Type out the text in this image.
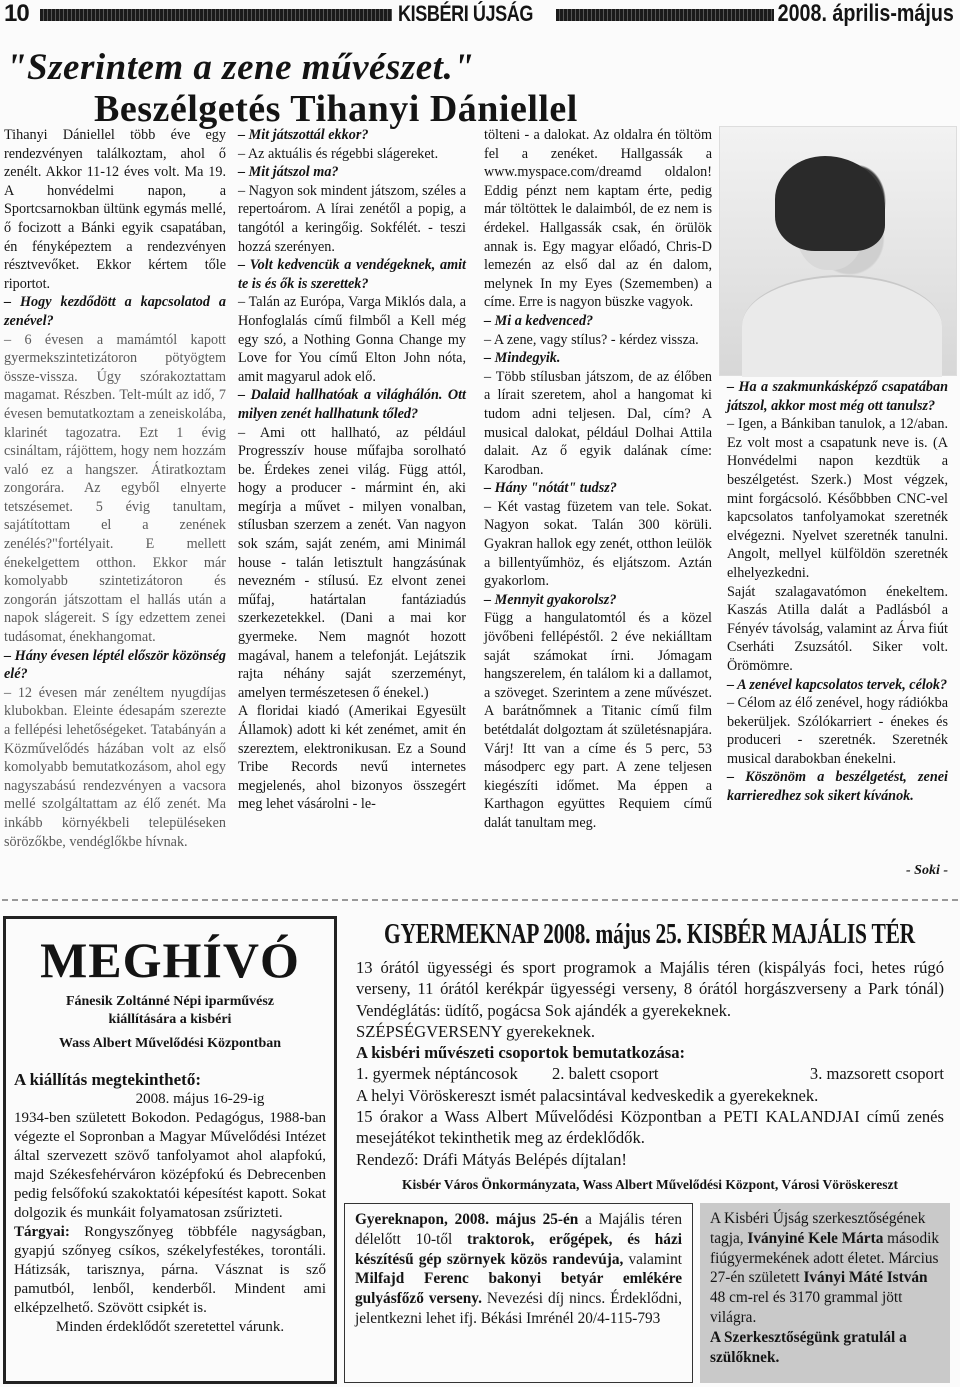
10	KISBÉRI ÚJSÁG	2008. április-május
"Szerintem a zene művészet."
Beszélgetés Tihanyi Dániellel

Tihanyi Dániellel több éve egy rendezvényen találkoztam, ahol ő zenélt. Akkor 11-12 éves volt. Ma 19. A honvédelmi napon, a Sportcsarnokban ültünk egymás mellé, ő focizott a Bánki egyik csapatában, én fényképeztem a rendezvényen résztvevőket. Ekkor kértem tőle riportot.

– Hogy kezdődött a kapcsolatod a zenével?

– 6 évesen a mamámtól kapott gyermekszintetizátoron pötyögtem össze-vissza. Úgy szórakoztattam magamat. Részben. Telt-múlt az idő, 7 évesen bemutatkoztam a zeneiskolába, klarinét tagozatra. Ezt 1 évig csináltam, rájöttem, hogy nem hozzám való ez a hangszer. Átiratkoztam zongorára. Az egyből elnyerte tetszésemet. 5 évig tanultam, sajátítottam el a zenének zenélés?"fortélyait. E mellett énekelgettem otthon. Ekkor már komolyabb szintetizátoron és zongorán játszottam el hallás után a napok slágereit. S így edzettem zenei tudásomat, énekhangomat.

– Hány évesen léptél először közönség elé?

– 12 évesen már zenéltem nyugdíjas klubokban. Eleinte édesapám szerezte a fellépési lehetőségeket. Tatabányán a Közművelődés házában volt az első komolyabb bemutatkozásom, ahol egy nagyszabású rendezvényen a vacsora mellé szolgáltattam az élő zenét. Ma inkább környékbeli településeken sörözőkbe, vendéglőkbe hívnak.

– Mit játszottál ekkor?

– Az aktuális és régebbi slágereket.

– Mit játszol ma?

– Nagyon sok mindent játszom, széles a repertoárom. A lírai zenétől a popig, a tangótól a keringőig. Sokfélét. - teszi hozzá szerényen.

– Volt kedvencük a vendégeknek, amit te is és ők is szerettek?

– Talán az Európa, Varga Miklós dala, a Honfoglalás című filmből a Kell még egy szó, a Nothing Gonna Change my Love for You című Elton John nóta, amit magyarul adok elő.

– Dalaid hallhatóak a világhálón. Ott milyen zenét hallhatunk tőled?

– Ami ott hallható, az például Progresszív house műfajba sorolható be. Érdekes zenei világ. Függ attól, hogy a producer - mármint én, aki megírja a művet - milyen vonalban, stílusban szerzem a zenét. Van nagyon sok szám, saját zeném, ami Minimál house - talán letisztult hangzásúnak nevezném - stílusú. Ez elvont zenei műfaj, határtalan fantáziadús szerkezetekkel. (Dani a mai kor gyermeke. Nem magnót hozott magával, hanem a telefonját. Lejátszik rajta néhány saját szerzeményt, amelyen természetesen ő énekel.)

A floridai kiadó (Amerikai Egyesült Államok) adott ki két zenémet, amit én szereztem, elektronikusan. Ez a Sound Tribe Records nevű internetes megjelenés, ahol bizonyos összegért meg lehet vásárolni - le-

tölteni - a dalokat. Az oldalra én töltöm fel a zenéket. Hallgassák a www.myspace.com/dreamd oldalon! Eddig pénzt nem kaptam érte, pedig már töltöttek le dalaimból, de ez nem is érdekel. Hallgassák csak, én örülök annak is. Egy magyar előadó, Chris-D lemezén az első dal az én dalom, melynek In my Eyes (Szememben) a címe. Erre is nagyon büszke vagyok.

– Mi a kedvenced?

– A zene, vagy stílus? - kérdez vissza.

– Mindegyik.

– Több stílusban játszom, de az élőben a lírait szeretem, ahol a hangomat ki tudom adni teljesen. Dal, cím? A musical dalokat, például Dolhai Attila dalait. Az ő egyik dalának címe: Karodban.

– Hány "nótát" tudsz?

– Két vastag füzetem van tele. Sokat. Nagyon sokat. Talán 300 körüli. Gyakran hallok egy zenét, otthon leülök a billentyűmhöz, és eljátszom. Aztán gyakorlom.

– Mennyit gyakorolsz?

Függ a hangulatomtól és a közel jövőbeni fellépéstől. 2 éve nekiálltam saját számokat írni. Jómagam hangszerelem, én találom ki a dallamot, a szöveget. Szerintem a zene művészet. A barátnőmnek a Titanic című film betétdalát dolgoztam át születésnapjára. Várj! Itt van a címe és 5 perc, 53 másodperc egy part. A zene teljesen kiegészíti időmet. Ma éppen a Karthagon együttes Requiem című dalát tanultam meg.

– Ha a szakmunkásképző csapatában játszol, akkor most még ott tanulsz?

– Igen, a Bánkiban tanulok, a 12/aban. Ez volt most a csapatunk neve is. (A Honvédelmi napon kezdtük a beszélgetést. Szerk.) Most végzek, mint forgácsoló. Későbbben CNC-vel kapcsolatos tanfolyamokat szeretnék elvégezni. Nyelvet szeretnék tanulni. Angolt, mellyel külföldön szeretnék elhelyezkedni.

Saját szalagavatómon énekeltem. Kaszás Atilla dalát a Padlásból a Fényév távolság, valamint az Árva fiút Cserháti Zsuzsától. Siker volt. Örömömre.

– A zenével kapcsolatos tervek, célok?

– Célom az élő zenével, hogy rádiókba bekerüljek. Szólókarriert - énekes és produceri - szeretnék. Szeretnék musical darabokban énekelni.

– Köszönöm a beszélgetést, zenei karrieredhez sok sikert kívánok.

- Soki -
MEGHÍVÓ
Fánesik Zoltánné Népi iparművész
kiállítására a kisbéri
Wass Albert Művelődési Központban
A kiállítás megtekinthető:
2008. május 16-29-ig
1934-ben született Bokodon. Pedagógus, 1988-ban végezte el Sopronban a Magyar Művelődési Intézet által szervezett szövő tanfolyamot ahol alapfokú, majd Székesfehérváron középfokú és Debrecenben pedig felsőfokú szakoktatói képesítést kapott. Sokat dolgozik és munkáit folyamatosan zsűrizteti.
Tárgyai: Rongyszőnyeg többféle nagyságban, gyapjú szőnyeg csíkos, székelyfestékes, torontáli. Hátizsák, tarisznya, párna. Vásznat is sző pamutból, lenből, kenderből. Mindent ami elképzelhető. Szövött csipkét is.
Minden érdeklődőt szeretettel várunk.
GYERMEKNAP 2008. május 25. KISBÉR MAJÁLIS TÉR

13 órától ügyességi és sport programok a Majális téren (kispályás foci, hetes rúgó verseny, 11 órától kerékpár ügyességi verseny, 8 órától horgászverseny a Park tónál) Vendéglátás: üdítő, pogácsa Sok ajándék a gyerekeknek.

SZÉPSÉGVERSENY gyerekeknek.

A kisbéri művészeti csoportok bemutatkozása:

1. gyermek néptáncosok	2. balett csoport	3. mazsorett csoport

A helyi Vöröskereszt ismét palacsintával kedveskedik a gyerekeknek.

15 órakor a Wass Albert Művelődési Központban a PETI KALANDJAI című zenés mesejátékot tekinthetik meg az érdeklődők.

Rendező: Dráfi Mátyás Belépés díjtalan!

Kisbér Város Önkormányzata, Wass Albert Művelődési Központ, Városi Vöröskereszt

Gyereknapon, 2008. május 25-én a Majális téren délelőtt 10-től traktorok, erőgépek, és házi készítésű gép szörnyek közös randevúja, valamint Milfajd Ferenc bakonyi betyár emlékére gulyásfőző verseny. Nevezési díj nincs. Érdeklődni, jelentkezni lehet ifj. Békási Imrénél 20/4-115-793
A Kisbéri Újság szerkesztőségének tagja, Iványiné Kele Márta második fiúgyermekének adott életet. Március 27-én született Iványi Máté István 48 cm-rel és 3170 grammal jött világra.
A Szerkesztőségünk gratulál a szülőknek.
